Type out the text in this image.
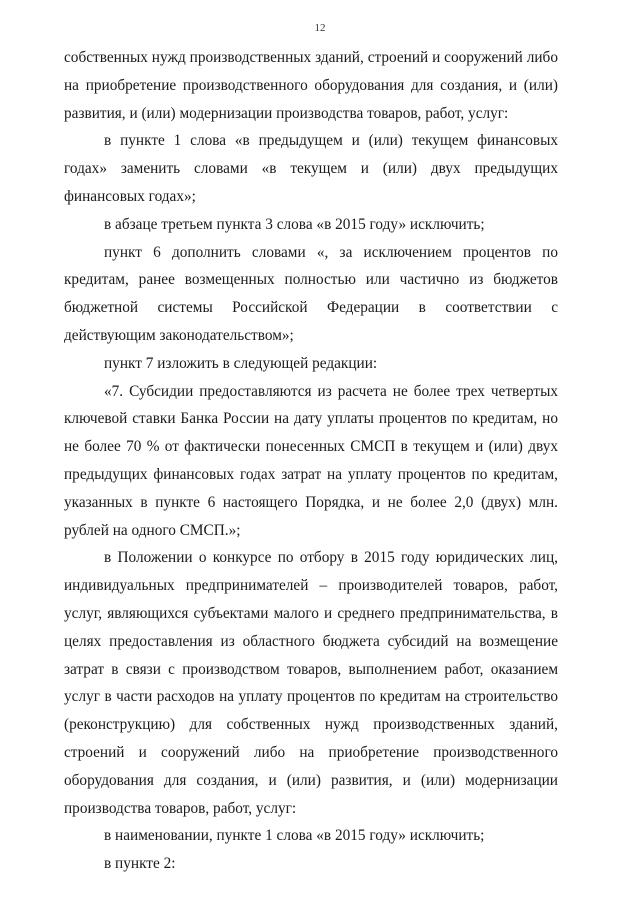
12

собственных нужд производственных зданий, строений и сооружений либо на приобретение производственного оборудования для создания, и (или) развития, и (или) модернизации производства товаров, работ, услуг:

в пункте 1 слова «в предыдущем и (или) текущем финансовых годах» заменить словами «в текущем и (или) двух предыдущих финансовых годах»;

в абзаце третьем пункта 3 слова «в 2015 году» исключить;

пункт 6 дополнить словами «, за исключением процентов по кредитам, ранее возмещенных полностью или частично из бюджетов бюджетной системы Российской Федерации в соответствии с действующим законодательством»;

пункт 7 изложить в следующей редакции:

«7. Субсидии предоставляются из расчета не более трех четвертых ключевой ставки Банка России на дату уплаты процентов по кредитам, но не более 70 % от фактически понесенных СМСП в текущем и (или) двух предыдущих финансовых годах затрат на уплату процентов по кредитам, указанных в пункте 6 настоящего Порядка, и не более 2,0 (двух) млн. рублей на одного СМСП.»;

в Положении о конкурсе по отбору в 2015 году юридических лиц, индивидуальных предпринимателей – производителей товаров, работ, услуг, являющихся субъектами малого и среднего предпринимательства, в целях предоставления из областного бюджета субсидий на возмещение затрат в связи с производством товаров, выполнением работ, оказанием услуг в части расходов на уплату процентов по кредитам на строительство (реконструкцию) для собственных нужд производственных зданий, строений и сооружений либо на приобретение производственного оборудования для создания, и (или) развития, и (или) модернизации производства товаров, работ, услуг:

в наименовании, пункте 1 слова «в 2015 году» исключить;

в пункте 2:
